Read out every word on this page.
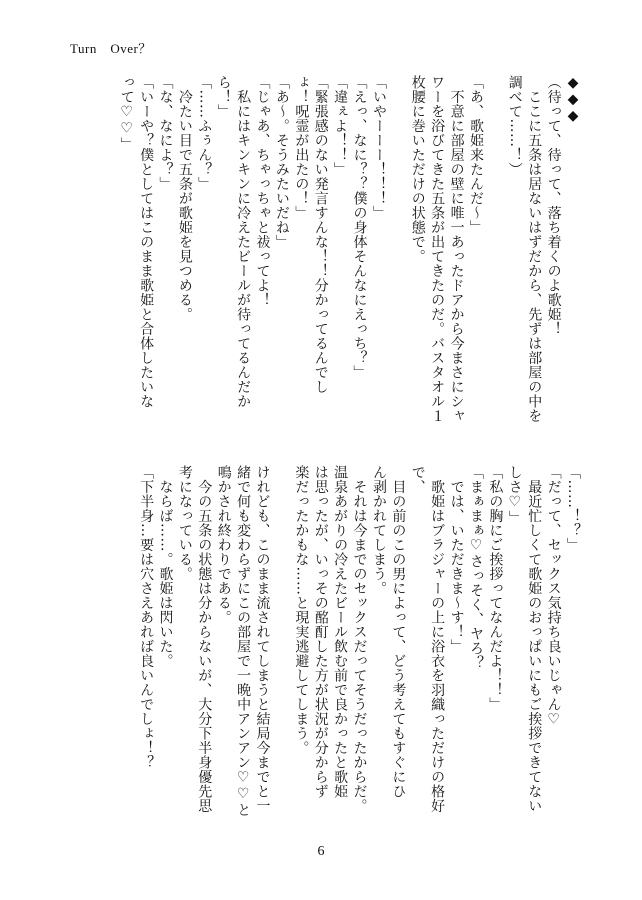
Turn　Over？
◆◆◆
（待って、待って、落ち着くのよ歌姫！
　ここに五条は居ないはずだから、先ずは部屋の中を
調べて……！）

「あ、歌姫来たんだ～」
　不意に部屋の壁に唯一あったドアから今まさにシャ
ワーを浴びてきた五条が出てきたのだ。バスタオル１
枚腰に巻いただけの状態で。

「いやーーー！！！」
「えっ、なに？？僕の身体そんなにえっち？」
「違ぇよ！！」
「緊張感のない発言すんな！！分かってるんでし
ょ！呪霊が出たの！」
「あ～。そうみたいだね」
「じゃあ、ちゃっちゃと祓ってよ！
　私にはキンキンに冷えたビールが待ってるんだか
ら！」
「……ふぅん？」
　冷たい目で五条が歌姫を見つめる。
「な、なによ？」
「いーや？僕としてはこのまま歌姫と合体したいな
って♡♡」
「……！？」
「だって、セックス気持ち良いじゃん♡
　最近忙しくて歌姫のおっぱいにもご挨拶できてない
しさ♡」
「私の胸にご挨拶ってなんだよ！！」
「まぁまぁ♡さっそく、ヤろ？
　では、いただきま～す！」
　歌姫はブラジャーの上に浴衣を羽織っただけの格好
で、
　目の前のこの男によって、どう考えてもすぐにひ
ん剥かれてしまう。
　それは今までのセックスだってそうだったからだ。
温泉あがりの冷えたビール飲む前で良かったと歌姫
は思ったが、いっその酩酊した方が状況が分からず
楽だったかもな……と現実逃避してしまう。

けれども、このまま流されてしまうと結局今までと一
緒で何も変わらずにこの部屋で一晩中アンアン♡♡と
鳴かされ終わりである。
　今の五条の状態は分からないが、大分下半身優先思
考になっている。
　ならば……。歌姫は閃いた。
「下半身…要は穴さえあれば良いんでしょ！？
6
